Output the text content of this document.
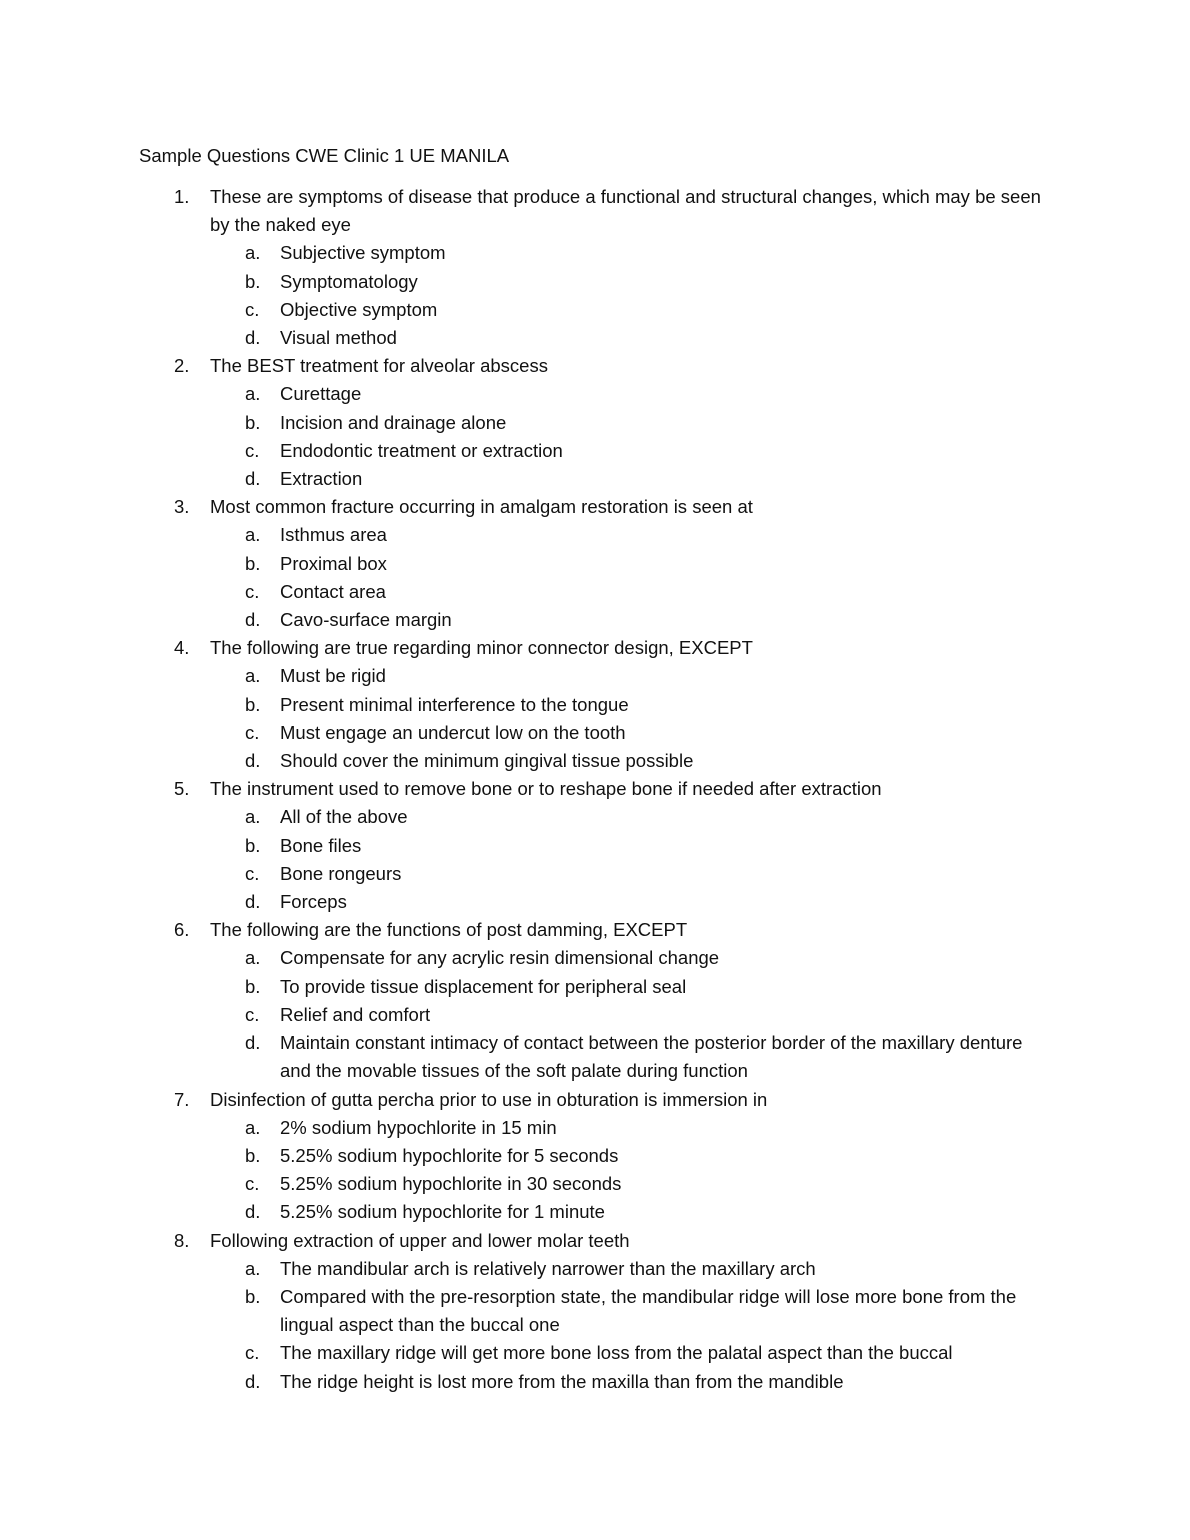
Sample Questions CWE Clinic 1 UE MANILA
1.	These are symptoms of disease that produce a functional and structural changes, which may be seen by the naked eye
a.	Subjective symptom
b.	Symptomatology
c.	Objective symptom
d.	Visual method
2.	The BEST treatment for alveolar abscess
a.	Curettage
b.	Incision and drainage alone
c.	Endodontic treatment or extraction
d.	Extraction
3.	Most common fracture occurring in amalgam restoration is seen at
a.	Isthmus area
b.	Proximal box
c.	Contact area
d.	Cavo-surface margin
4.	The following are true regarding minor connector design, EXCEPT
a.	Must be rigid
b.	Present minimal interference to the tongue
c.	Must engage an undercut low on the tooth
d.	Should cover the minimum gingival tissue possible
5.	The instrument used to remove bone or to reshape bone if needed after extraction
a.	All of the above
b.	Bone files
c.	Bone rongeurs
d.	Forceps
6.	The following are the functions of post damming, EXCEPT
a.	Compensate for any acrylic resin dimensional change
b.	To provide tissue displacement for peripheral seal
c.	Relief and comfort
d.	Maintain constant intimacy of contact between the posterior border of the maxillary denture and the movable tissues of the soft palate during function
7.	Disinfection of gutta percha prior to use in obturation is immersion in
a.	2% sodium hypochlorite in 15 min
b.	5.25% sodium hypochlorite for 5 seconds
c.	5.25% sodium hypochlorite in 30 seconds
d.	5.25% sodium hypochlorite for 1 minute
8.	Following extraction of upper and lower molar teeth
a.	The mandibular arch is relatively narrower than the maxillary arch
b.	Compared with the pre-resorption state, the mandibular ridge will lose more bone from the lingual aspect than the buccal one
c.	The maxillary ridge will get more bone loss from the palatal aspect than the buccal
d.	The ridge height is lost more from the maxilla than from the mandible
